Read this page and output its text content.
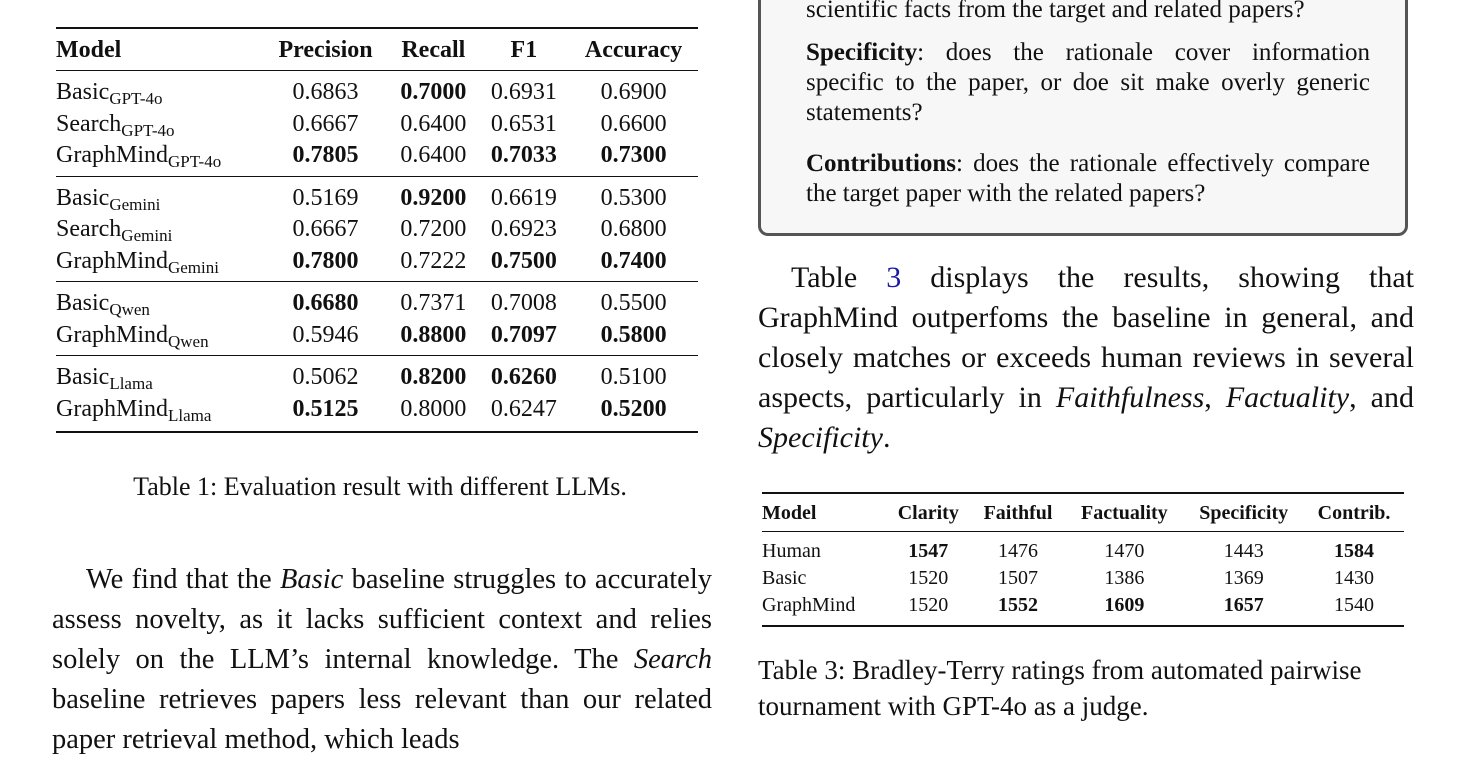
Model	Precision	Recall	F1	Accuracy
Basic$_{GPT-4o}$	0.6863	0.7000	0.6931	0.6900
Search$_{GPT-4o}$	0.6667	0.6400	0.6531	0.6600
GraphMind$_{GPT-4o}$	0.7805	0.6400	0.7033	0.7300
Basic$_{Gemini}$	0.5169	0.9200	0.6619	0.5300
Search$_{Gemini}$	0.6667	0.7200	0.6923	0.6800
GraphMind$_{Gemini}$	0.7800	0.7222	0.7500	0.7400
Basic$_{Qwen}$	0.6680	0.7371	0.7008	0.5500
GraphMind$_{Qwen}$	0.5946	0.8800	0.7097	0.5800
Basic$_{Llama}$	0.5062	0.8200	0.6260	0.5100
GraphMind$_{Llama}$	0.5125	0.8000	0.6247	0.5200
Table 1: Evaluation result with different LLMs.

We find that the Basic baseline struggles to accurately assess novelty, as it lacks sufficient context and relies solely on the LLM’s internal knowledge. The Search baseline retrieves papers less relevant than our related paper retrieval method, which leads

scientific facts from the target and related papers?

Specificity: does the rationale cover information specific to the paper, or doe sit make overly generic statements?

Contributions: does the rationale effectively compare the target paper with the related papers?

Table 3 displays the results, showing that GraphMind outperfoms the baseline in general, and closely matches or exceeds human reviews in several aspects, particularly in Faithfulness, Factuality, and Specificity.

Model	Clarity	Faithful	Factuality	Specificity	Contrib.
Human	1547	1476	1470	1443	1584
Basic	1520	1507	1386	1369	1430
GraphMind	1520	1552	1609	1657	1540
Table 3: Bradley-Terry ratings from automated pairwise tournament with GPT-4o as a judge.
